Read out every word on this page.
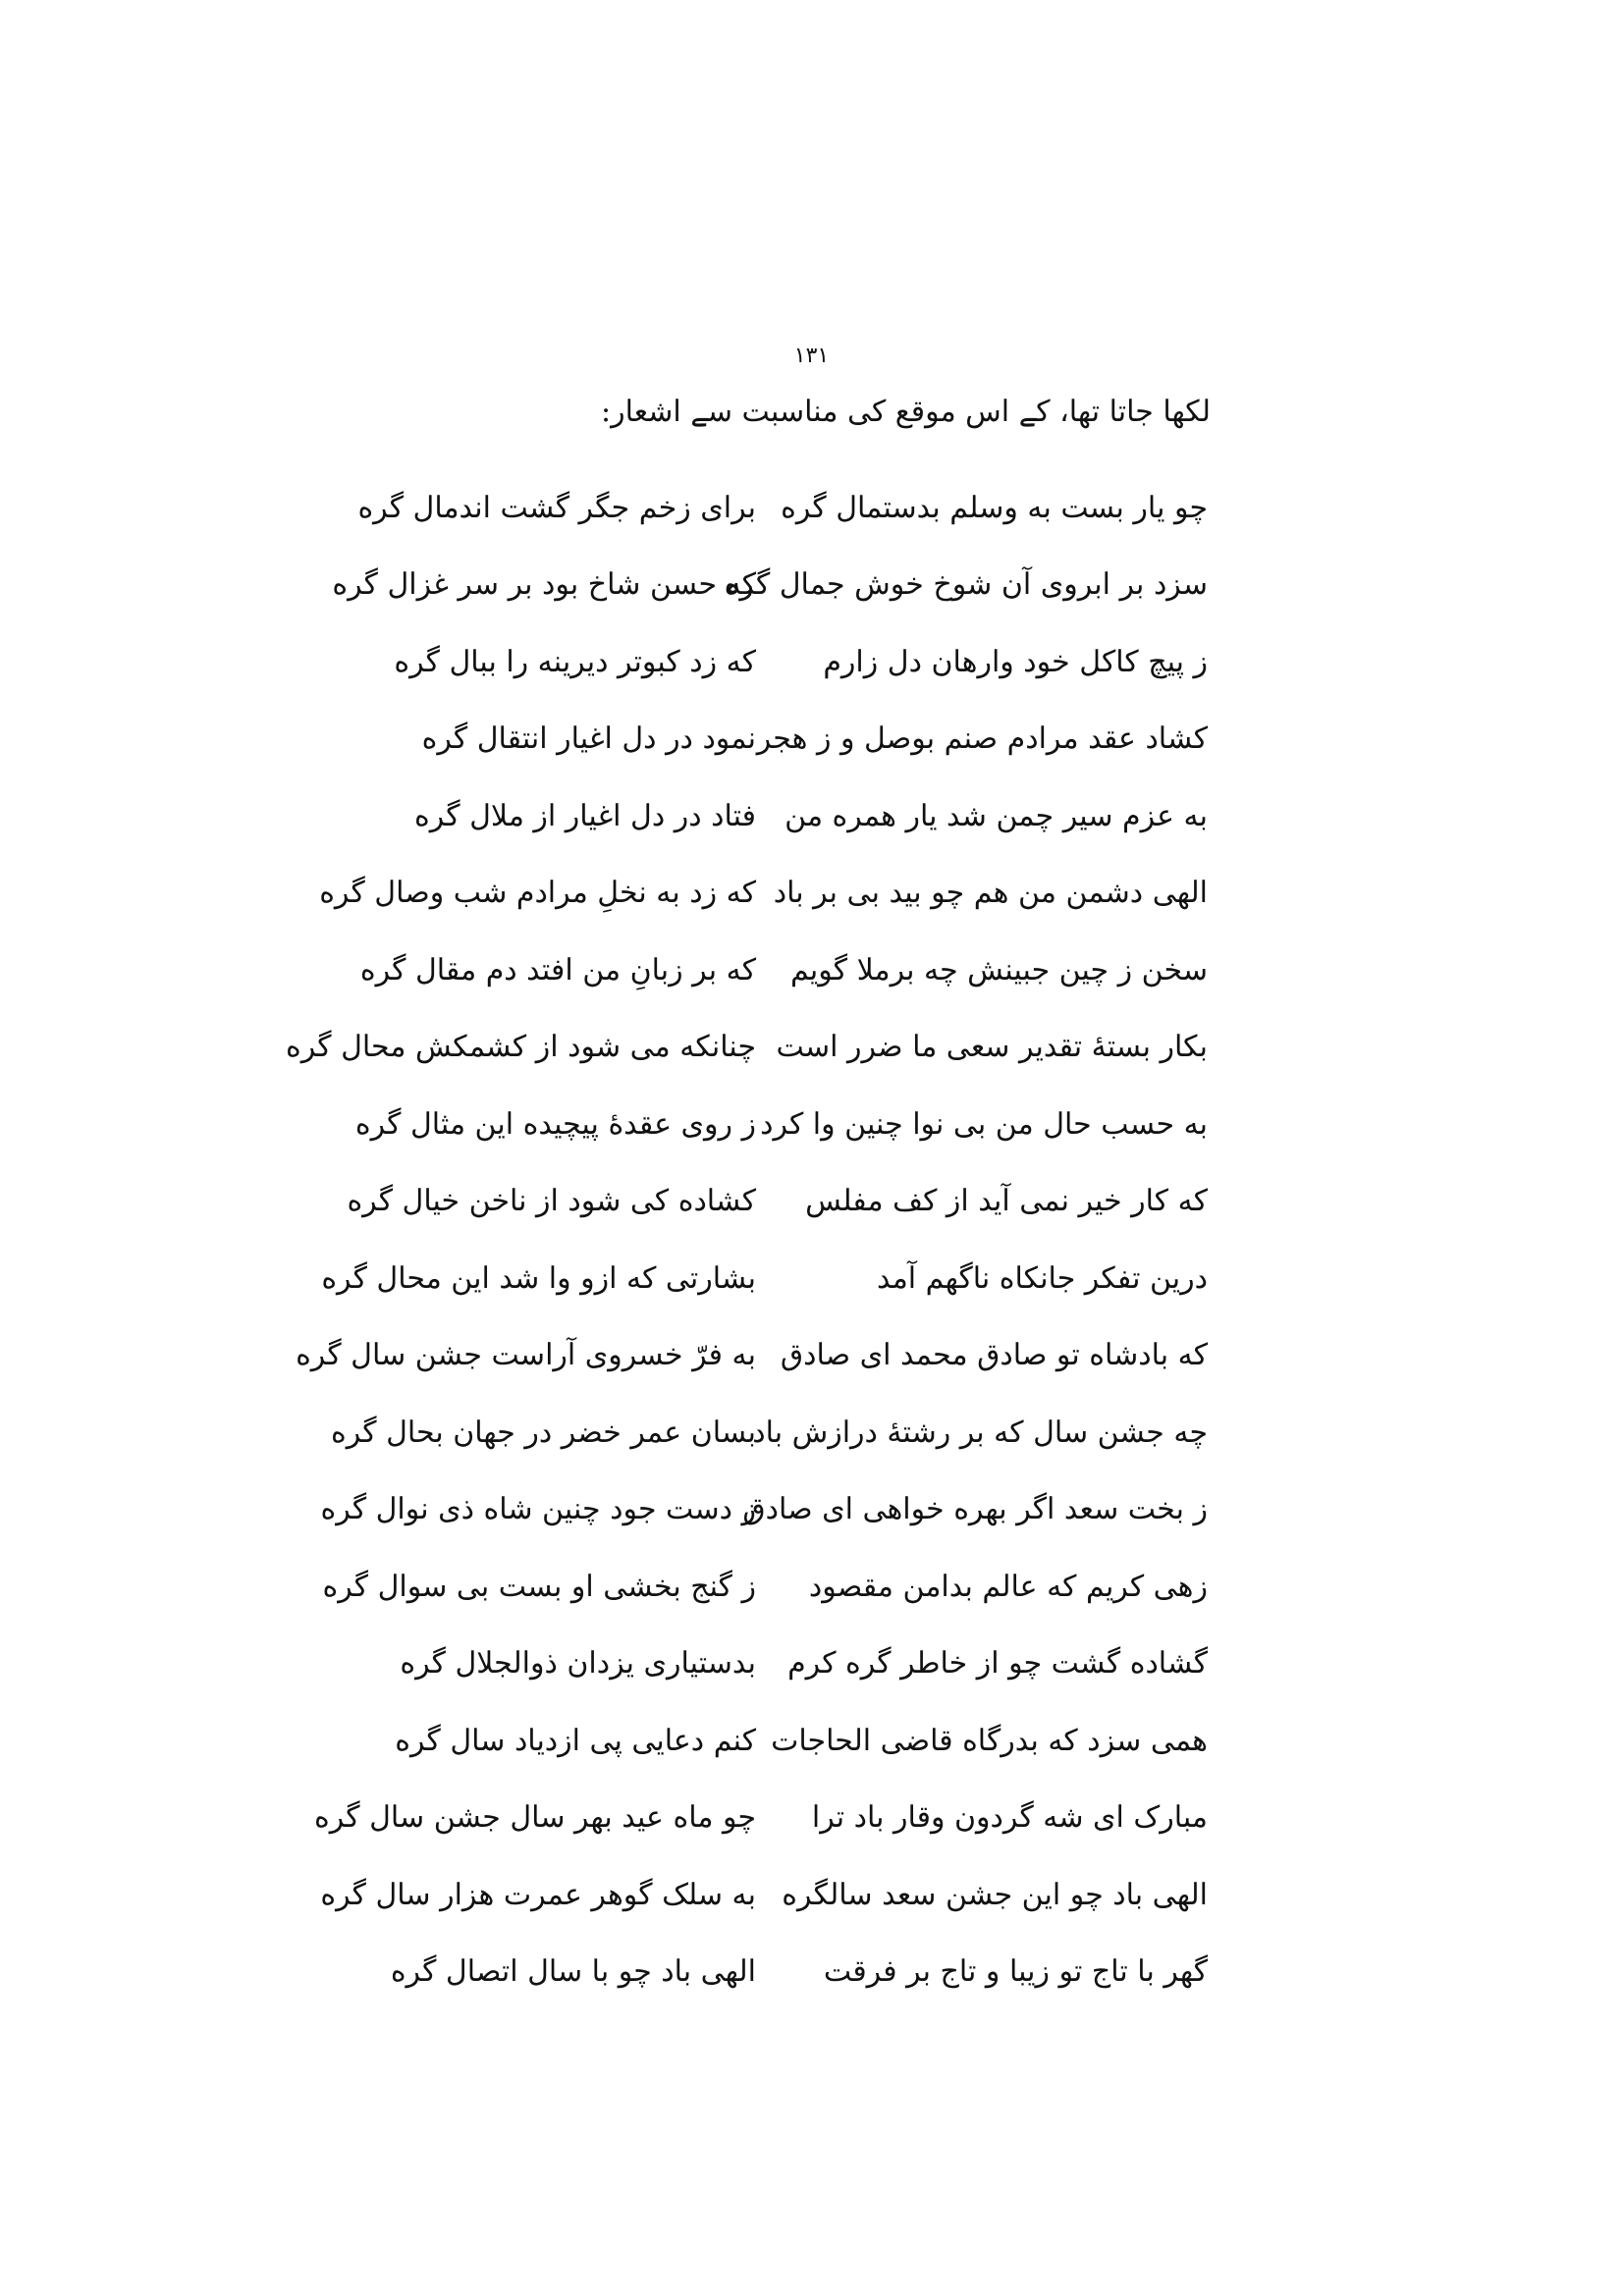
۱۳۱
لکھا جاتا تھا، کے اس موقع کی مناسبت سے اشعار:
چو یار بست به وسلم بدستمال گره
برای زخم جگر گشت اندمال گره
سزد بر ابروی آن شوخ خوش جمال گره
که حسن شاخ بود بر سر غزال گره
ز پیچ کاکل خود وارهان دل زارم
که زد کبوتر دیرینه را ببال گره
کشاد عقد مرادم صنم بوصل و ز هجر
نمود در دل اغیار انتقال گره
به عزم سیر چمن شد یار همره من
فتاد در دل اغیار از ملال گره
الهی دشمن من هم چو بید بی بر باد
که زد به نخلِ مرادم شب وصال گره
سخن ز چین جبینش چه برملا گویم
که بر زبانِ من افتد دم مقال گره
بکار بستهٔ تقدیر سعی ما ضرر است
چنانکه می شود از کشمکش محال گره
به حسب حال من بی نوا چنین وا کرد
ز روی عقدهٔ پیچیده این مثال گره
که کار خیر نمی آید از کف مفلس
کشاده کی شود از ناخن خیال گره
درین تفکر جانکاه ناگهم آمد
بشارتی که ازو وا شد این محال گره
که بادشاه تو صادق محمد ای صادق
به فرّ خسروی آراست جشن سال گره
چه جشن سال که بر رشتهٔ درازش باد
بسان عمر خضر در جهان بحال گره
ز بخت سعد اگر بهره خواهی ای صادق
ز دست جود چنین شاه ذی نوال گره
زهی کریم که عالم بدامن مقصود
ز گنج بخشی او بست بی سوال گره
گشاده گشت چو از خاطر گره کرم
بدستیاری یزدان ذوالجلال گره
همی سزد که بدرگاه قاضی الحاجات
کنم دعایی پی ازدیاد سال گره
مبارک ای شه گردون وقار باد ترا
چو ماه عید بهر سال جشن سال گره
الهی باد چو این جشن سعد سالگره
به سلک گوهر عمرت هزار سال گره
گهر با تاج تو زیبا و تاج بر فرقت
الهی باد چو با سال اتصال گره
